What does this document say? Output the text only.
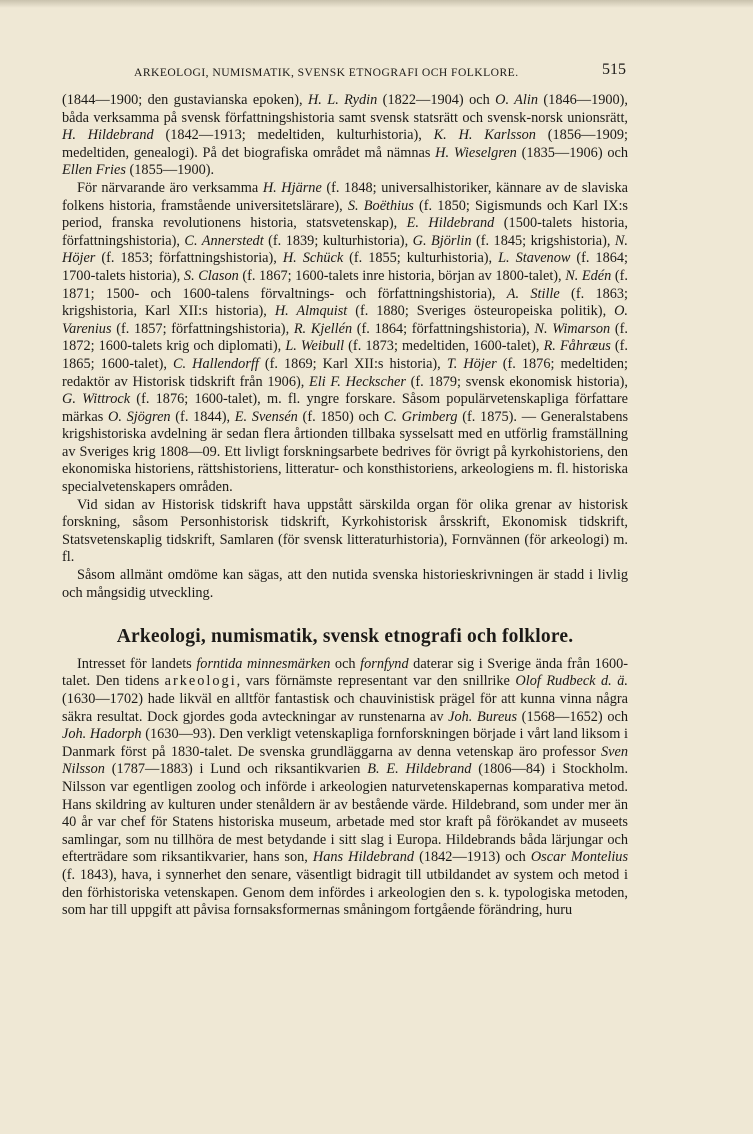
ARKEOLOGI, NUMISMATIK, SVENSK ETNOGRAFI OCH FOLKLORE.	515

(1844—1900; den gustavianska epoken), H. L. Rydin (1822—1904) och O. Alin (1846—1900), båda verksamma på svensk författningshistoria samt svensk statsrätt och svensk-norsk unionsrätt, H. Hildebrand (1842—1913; medeltiden, kulturhistoria), K. H. Karlsson (1856—1909; medeltiden, genealogi). På det biografiska området må nämnas H. Wieselgren (1835—1906) och Ellen Fries (1855—1900).

För närvarande äro verksamma H. Hjärne (f. 1848; universalhistoriker, kännare av de slaviska folkens historia, framstående universitetslärare), S. Boëthius (f. 1850; Sigismunds och Karl IX:s period, franska revolutionens historia, statsvetenskap), E. Hildebrand (1500-talets historia, författningshistoria), C. Annerstedt (f. 1839; kulturhistoria), G. Björlin (f. 1845; krigshistoria), N. Höjer (f. 1853; författningshistoria), H. Schück (f. 1855; kulturhistoria), L. Stavenow (f. 1864; 1700-talets historia), S. Clason (f. 1867; 1600-talets inre historia, början av 1800-talet), N. Edén (f. 1871; 1500- och 1600-talens förvaltnings- och författningshistoria), A. Stille (f. 1863; krigshistoria, Karl XII:s historia), H. Almquist (f. 1880; Sveriges östeuropeiska politik), O. Varenius (f. 1857; författningshistoria), R. Kjellén (f. 1864; författningshistoria), N. Wimarson (f. 1872; 1600-talets krig och diplomati), L. Weibull (f. 1873; medeltiden, 1600-talet), R. Fåhræus (f. 1865; 1600-talet), C. Hallendorff (f. 1869; Karl XII:s historia), T. Höjer (f. 1876; medeltiden; redaktör av Historisk tidskrift från 1906), Eli F. Heckscher (f. 1879; svensk ekonomisk historia), G. Wittrock (f. 1876; 1600-talet), m. fl. yngre forskare. Såsom populärvetenskapliga författare märkas O. Sjögren (f. 1844), E. Svensén (f. 1850) och C. Grimberg (f. 1875). — Generalstabens krigshistoriska avdelning är sedan flera årtionden tillbaka sysselsatt med en utförlig framställning av Sveriges krig 1808—09. Ett livligt forskningsarbete bedrives för övrigt på kyrkohistoriens, den ekonomiska historiens, rättshistoriens, litteratur- och konsthistoriens, arkeologiens m. fl. historiska specialvetenskapers områden.

Vid sidan av Historisk tidskrift hava uppstått särskilda organ för olika grenar av historisk forskning, såsom Personhistorisk tidskrift, Kyrkohistorisk årsskrift, Ekonomisk tidskrift, Statsvetenskaplig tidskrift, Samlaren (för svensk litteraturhistoria), Fornvännen (för arkeologi) m. fl.

Såsom allmänt omdöme kan sägas, att den nutida svenska historieskrivningen är stadd i livlig och mångsidig utveckling.

Arkeologi, numismatik, svensk etnografi och folklore.

Intresset för landets forntida minnesmärken och fornfynd daterar sig i Sverige ända från 1600-talet. Den tidens arkeologi, vars förnämste representant var den snillrike Olof Rudbeck d. ä. (1630—1702) hade likväl en alltför fantastisk och chauvinistisk prägel för att kunna vinna några säkra resultat. Dock gjordes goda avteckningar av runstenarna av Joh. Bureus (1568—1652) och Joh. Hadorph (1630—93). Den verkligt vetenskapliga fornforskningen började i vårt land liksom i Danmark först på 1830-talet. De svenska grundläggarna av denna vetenskap äro professor Sven Nilsson (1787—1883) i Lund och riksantikvarien B. E. Hildebrand (1806—84) i Stockholm. Nilsson var egentligen zoolog och införde i arkeologien naturvetenskapernas komparativa metod. Hans skildring av kulturen under stenåldern är av bestående värde. Hildebrand, som under mer än 40 år var chef för Statens historiska museum, arbetade med stor kraft på förökandet av museets samlingar, som nu tillhöra de mest betydande i sitt slag i Europa. Hildebrands båda lärjungar och efterträdare som riksantikvarier, hans son, Hans Hildebrand (1842—1913) och Oscar Montelius (f. 1843), hava, i synnerhet den senare, väsentligt bidragit till utbildandet av system och metod i den förhistoriska vetenskapen. Genom dem infördes i arkeologien den s. k. typologiska metoden, som har till uppgift att påvisa fornsaksformernas småningom fortgående förändring, huru
